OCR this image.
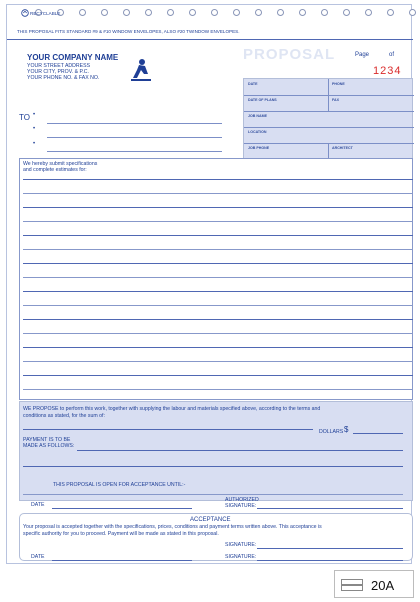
RECYCLABLE
THIS PROPOSAL FITS STANDARD #9 & #10 WINDOW ENVELOPES, ALSO #20 TWINDOW ENVELOPES.
YOUR COMPANY NAME
YOUR STREET ADDRESS
YOUR CITY, PROV. & P.C.
YOUR PHONE NO. & FAX NO.
PROPOSAL	Page	of
1234
DATE	PHONE
DATE OF PLANS	FAX
JOB NAME
LOCATION
JOB PHONE	ARCHITECT
TO •
•
•
We hereby submit specifications
and complete estimates for:
WE PROPOSE to perform this work, together with supplying the labour and materials specified above, according to the terms and
conditions as stated, for the sum of:
DOLLARS $
PAYMENT IS TO BE
MADE AS FOLLOWS:
THIS PROPOSAL IS OPEN FOR ACCEPTANCE UNTIL:-
DATE
AUTHORIZED
SIGNATURE:
ACCEPTANCE
Your proposal is accepted together with the specifications, prices, conditions and payment terms written above. This acceptance is
specific authority for you to proceed. Payment will be made as stated in this proposal.
SIGNATURE:
DATE	SIGNATURE:
20A
